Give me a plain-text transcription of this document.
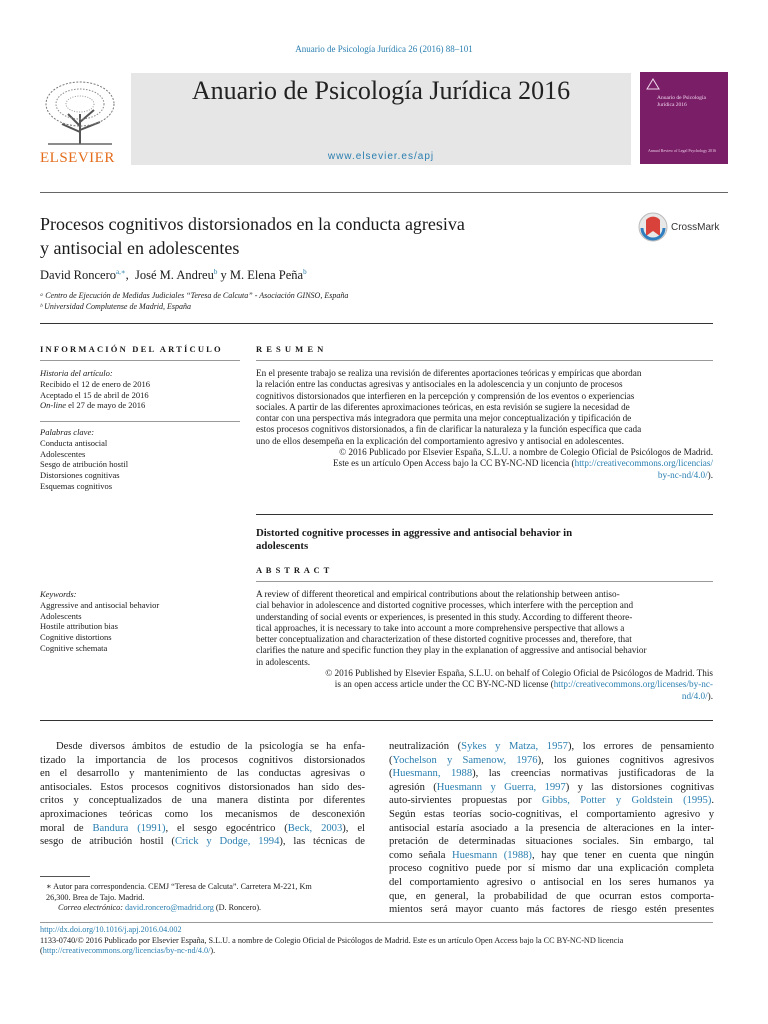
Anuario de Psicología Jurídica 26 (2016) 88–101
ELSEVIER
Anuario de Psicología Jurídica 2016
www.elsevier.es/apj
Anuario de Psicología Jurídica 2016
Annual Review of Legal Psychology 2016
Procesos cognitivos distorsionados en la conducta agresiva
y antisocial en adolescentes
CrossMark
David Roncero$^{a,∗}$,  José M. Andreu$^b$ y M. Elena Peña$^b$
ᵃ Centro de Ejecución de Medidas Judiciales “Teresa de Calcuta” - Asociación GINSO, España
ᵇ Universidad Complutense de Madrid, España
INFORMACIÓN DEL ARTÍCULO
Historia del artículo:
Recibido el 12 de enero de 2016
Aceptado el 15 de abril de 2016
On-line el 27 de mayo de 2016
Palabras clave:
Conducta antisocial
Adolescentes
Sesgo de atribución hostil
Distorsiones cognitivas
Esquemas cognitivos
Keywords:
Aggressive and antisocial behavior
Adolescents
Hostile attribution bias
Cognitive distortions
Cognitive schemata
R E S U M E N
En el presente trabajo se realiza una revisión de diferentes aportaciones teóricas y empíricas que abordan
la relación entre las conductas agresivas y antisociales en la adolescencia y un conjunto de procesos
cognitivos distorsionados que interfieren en la percepción y comprensión de los eventos o experiencias
sociales. A partir de las diferentes aproximaciones teóricas, en esta revisión se sugiere la necesidad de
contar con una perspectiva más integradora que permita una mejor conceptualización y tipificación de
estos procesos cognitivos distorsionados, a fin de clarificar la naturaleza y la función específica que cada
uno de ellos desempeña en la explicación del comportamiento agresivo y antisocial en adolescentes.
© 2016 Publicado por Elsevier España, S.L.U. a nombre de Colegio Oficial de Psicólogos de Madrid.
Este es un artículo Open Access bajo la CC BY-NC-ND licencia (http://creativecommons.org/licencias/
by-nc-nd/4.0/).
Distorted cognitive processes in aggressive and antisocial behavior in
adolescents
A B S T R A C T
A review of different theoretical and empirical contributions about the relationship between antiso-
cial behavior in adolescence and distorted cognitive processes, which interfere with the perception and
understanding of social events or experiences, is presented in this study. According to different theore-
tical approaches, it is necessary to take into account a more comprehensive perspective that allows a
better conceptualization and characterization of these distorted cognitive processes and, therefore, that
clarifies the nature and specific function they play in the explanation of aggressive and antisocial behavior
in adolescents.
© 2016 Published by Elsevier España, S.L.U. on behalf of Colegio Oficial de Psicólogos de Madrid. This
is an open access article under the CC BY-NC-ND license (http://creativecommons.org/licenses/by-nc-
nd/4.0/).
Desde diversos ámbitos de estudio de la psicología se ha enfa-
tizado la importancia de los procesos cognitivos distorsionados
en el desarrollo y mantenimiento de las conductas agresivas o
antisociales. Estos procesos cognitivos distorsionados han sido des-
critos y conceptualizados de una manera distinta por diferentes
aproximaciones teóricas como los mecanismos de desconexión
moral de Bandura (1991), el sesgo egocéntrico (Beck, 2003), el
sesgo de atribución hostil (Crick y Dodge, 1994), las técnicas de
neutralización (Sykes y Matza, 1957), los errores de pensamiento
(Yochelson y Samenow, 1976), los guiones cognitivos agresivos
(Huesmann, 1988), las creencias normativas justificadoras de la
agresión (Huesmann y Guerra, 1997) y las distorsiones cognitivas
auto-sirvientes propuestas por Gibbs, Potter y Goldstein (1995).
Según estas teorías socio-cognitivas, el comportamiento agresivo y
antisocial estaría asociado a la presencia de alteraciones en la inter-
pretación de determinadas situaciones sociales. Sin embargo, tal
como señala Huesmann (1988), hay que tener en cuenta que ningún
proceso cognitivo puede por sí mismo dar una explicación completa
del comportamiento agresivo o antisocial en los seres humanos ya
que, en general, la probabilidad de que ocurran estos comporta-
mientos será mayor cuanto más factores de riesgo estén presentes
∗ Autor para correspondencia. CEMJ “Teresa de Calcuta”. Carretera M-221, Km
26,300. Brea de Tajo. Madrid.
Correo electrónico: david.roncero@madrid.org (D. Roncero).
http://dx.doi.org/10.1016/j.apj.2016.04.002
1133-0740/© 2016 Publicado por Elsevier España, S.L.U. a nombre de Colegio Oficial de Psicólogos de Madrid. Este es un artículo Open Access bajo la CC BY-NC-ND licencia
(http://creativecommons.org/licencias/by-nc-nd/4.0/).
